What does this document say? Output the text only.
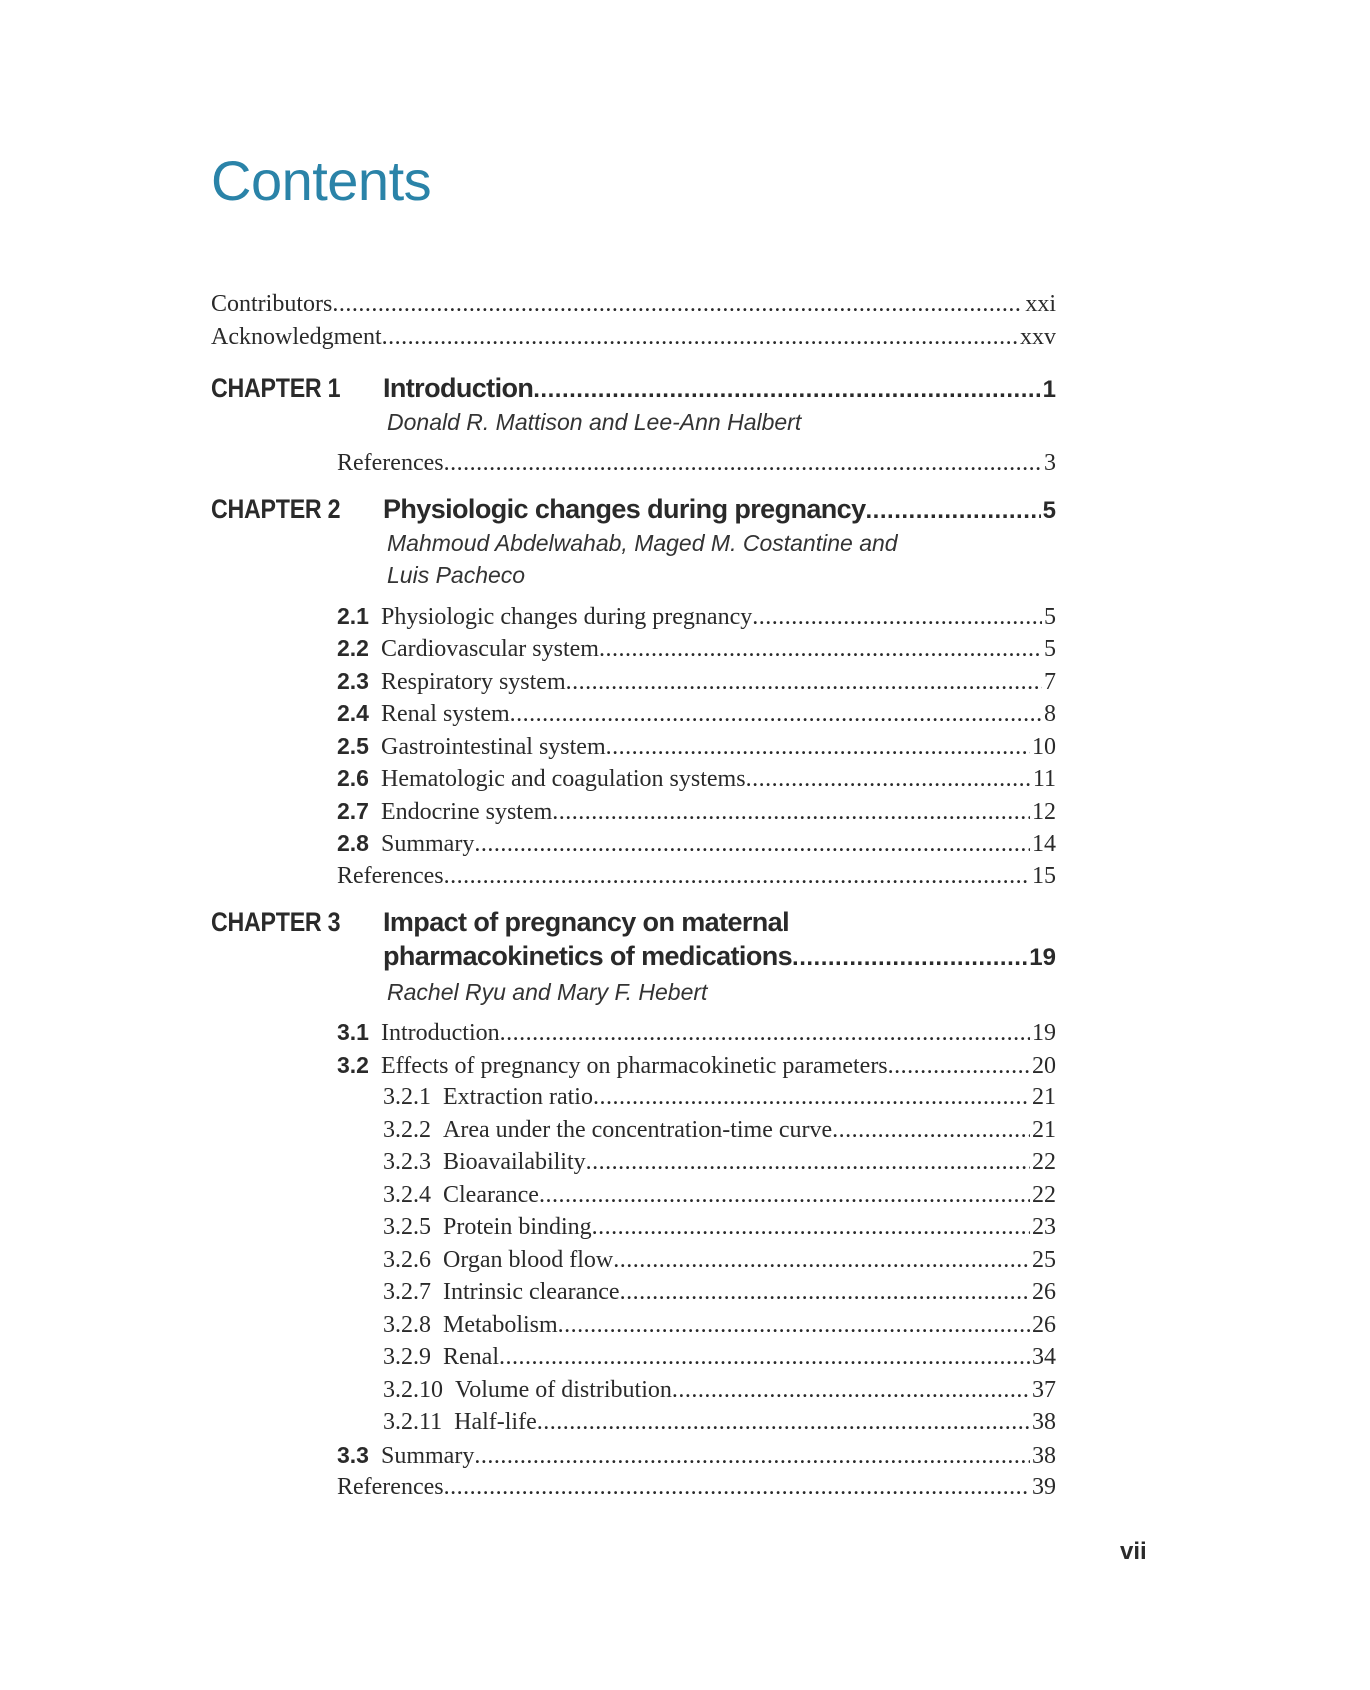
Contents
Contributors .....	xxi
Acknowledgment .....	xxv
CHAPTER 1 Introduction .....	1
Donald R. Mattison and Lee-Ann Halbert
References .....	3
CHAPTER 2 Physiologic changes during pregnancy .....	5
Mahmoud Abdelwahab, Maged M. Costantine and
Luis Pacheco
2.1 Physiologic changes during pregnancy .....	5
2.2 Cardiovascular system .....	5
2.3 Respiratory system .....	7
2.4 Renal system .....	8
2.5 Gastrointestinal system .....	10
2.6 Hematologic and coagulation systems .....	11
2.7 Endocrine system .....	12
2.8 Summary .....	14
References .....	15
CHAPTER 3 Impact of pregnancy on maternal
pharmacokinetics of medications .....	19
Rachel Ryu and Mary F. Hebert
3.1 Introduction .....	19
3.2 Effects of pregnancy on pharmacokinetic parameters .....	20
3.2.1 Extraction ratio .....	21
3.2.2 Area under the concentration-time curve .....	21
3.2.3 Bioavailability .....	22
3.2.4 Clearance .....	22
3.2.5 Protein binding .....	23
3.2.6 Organ blood flow .....	25
3.2.7 Intrinsic clearance .....	26
3.2.8 Metabolism .....	26
3.2.9 Renal .....	34
3.2.10 Volume of distribution .....	37
3.2.11 Half-life .....	38
3.3 Summary .....	38
References .....	39
vii
